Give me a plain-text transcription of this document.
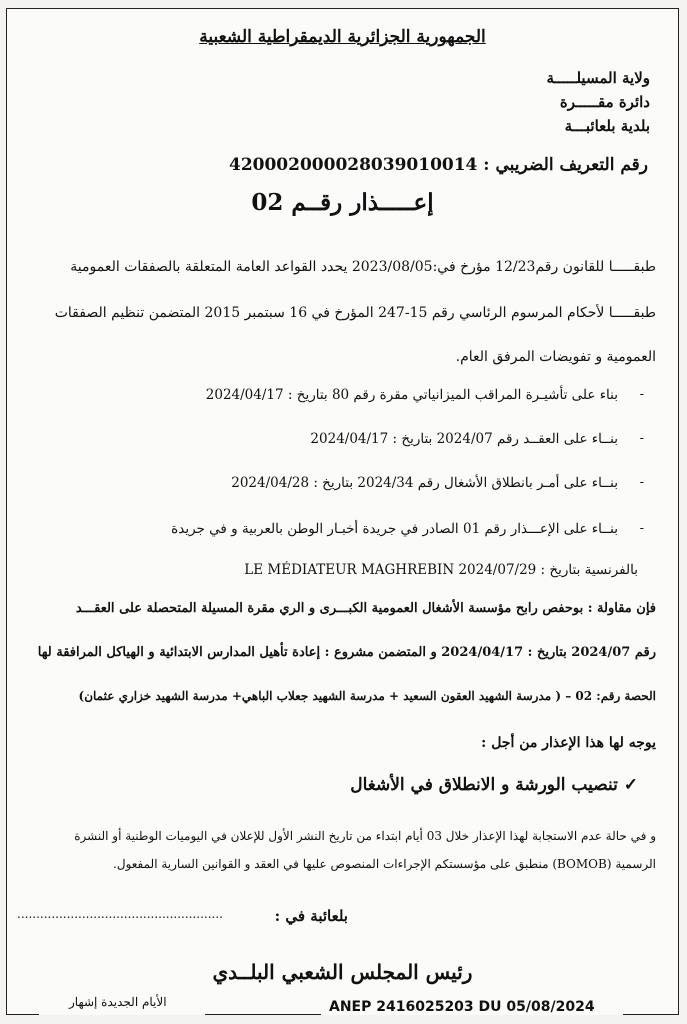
الجمهورية الجزائرية الديمقراطية الشعبية
ولاية المسيلـــــة
دائرة مقـــــرة
بلدية بلعائبـــة
رقم التعريف الضريبي : 420002000028039010014
إعـــــذار رقــم 02
طبقـــــا للقانون رقم12/23 مؤرخ في:2023/08/05 يحدد القواعد العامة المتعلقة بالصفقات العمومية
طبقـــــا لأحكام المرسوم الرئاسي رقم 15-247 المؤرخ في 16 سبتمبر 2015 المتضمن تنظيم الصفقات
العمومية و تفويضات المرفق العام.
بناء على تأشيـرة المراقب الميزانياتي مقرة رقم 80 بتاريخ : 2024/04/17
بنــاء على العقــد رقم 2024/07 بتاريخ : 2024/04/17
بنــاء على أمـر بانطلاق الأشغال رقم 2024/34 بتاريخ : 2024/04/28
بنــاء على الإعـــذار رقم 01 الصادر في جريدة أخبـار الوطن بالعربية و في جريدة
-
-
-
-
LE MÉDIATEUR MAGHREBIN بالفرنسية بتاريخ : 2024/07/29
فإن مقاولة : بوحفص رابح مؤسسة الأشغال العمومية الكبـــرى و الري مقرة المسيلة المتحصلة على العقـــد
رقم 2024/07 بتاريخ : 2024/04/17 و المتضمن مشروع : إعادة تأهيل المدارس الابتدائية و الهياكل المرافقة لها
الحصة رقم: 02 – ( مدرسة الشهيد العقون السعيد + مدرسة الشهيد جعلاب الباهي+ مدرسة الشهيد خزاري عثمان)
يوجه لها هذا الإعذار من أجل :
✓ تنصيب الورشة و الانطلاق في الأشغال
و في حالة عدم الاستجابة لهذا الإعذار خلال 03 أيام ابتداء من تاريخ النشر الأول للإعلان في اليوميات الوطنية أو النشرة
الرسمية (BOMOB) منطبق على مؤسستكم الإجراءات المنصوص عليها في العقد و القوانين السارية المفعول.
بلعائبة في :
......................................................
رئيس المجلس الشعبي البلــدي
الأيام الجديدة إشهار	ANEP 2416025203 DU 05/08/2024
